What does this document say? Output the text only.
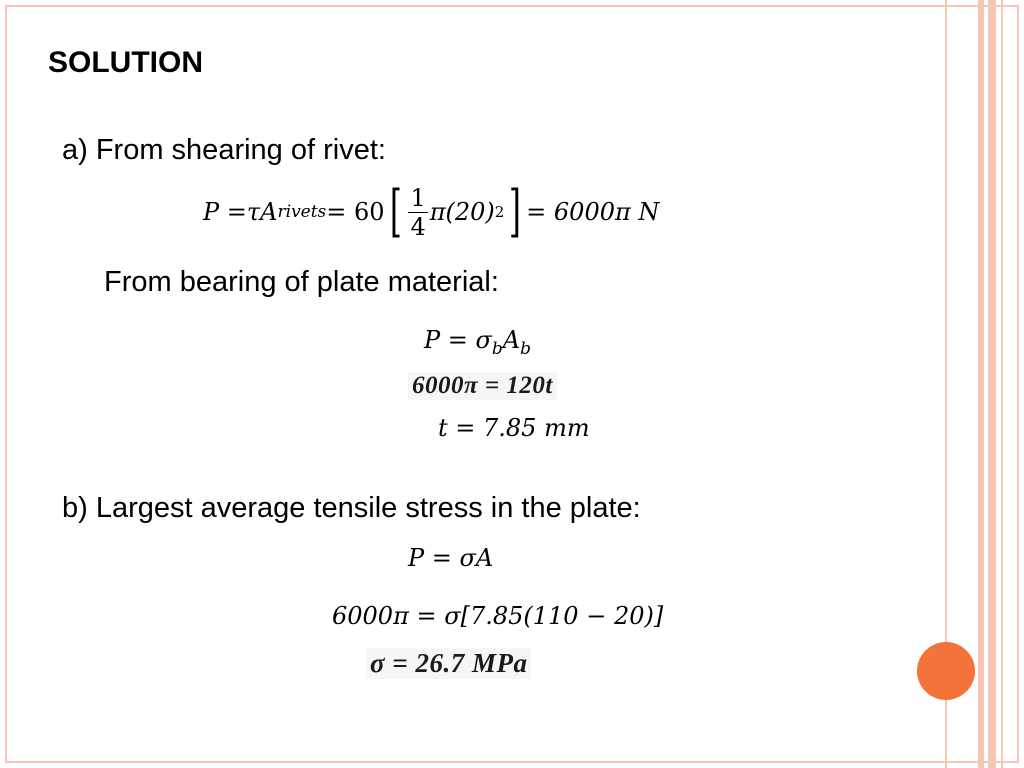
SOLUTION
a) From shearing of rivet:
P = τA rivets = 60 [ $\frac{1}{4} \pi(20)$ 2 ] = 6000π N
From bearing of plate material:
$P = \sigma_bA_b$
6000π = 120t
t = 7.85 mm
b) Largest average tensile stress in the plate:
P = σA
6000π = σ[7.85(110 − 20)]
σ = 26.7 MPa
